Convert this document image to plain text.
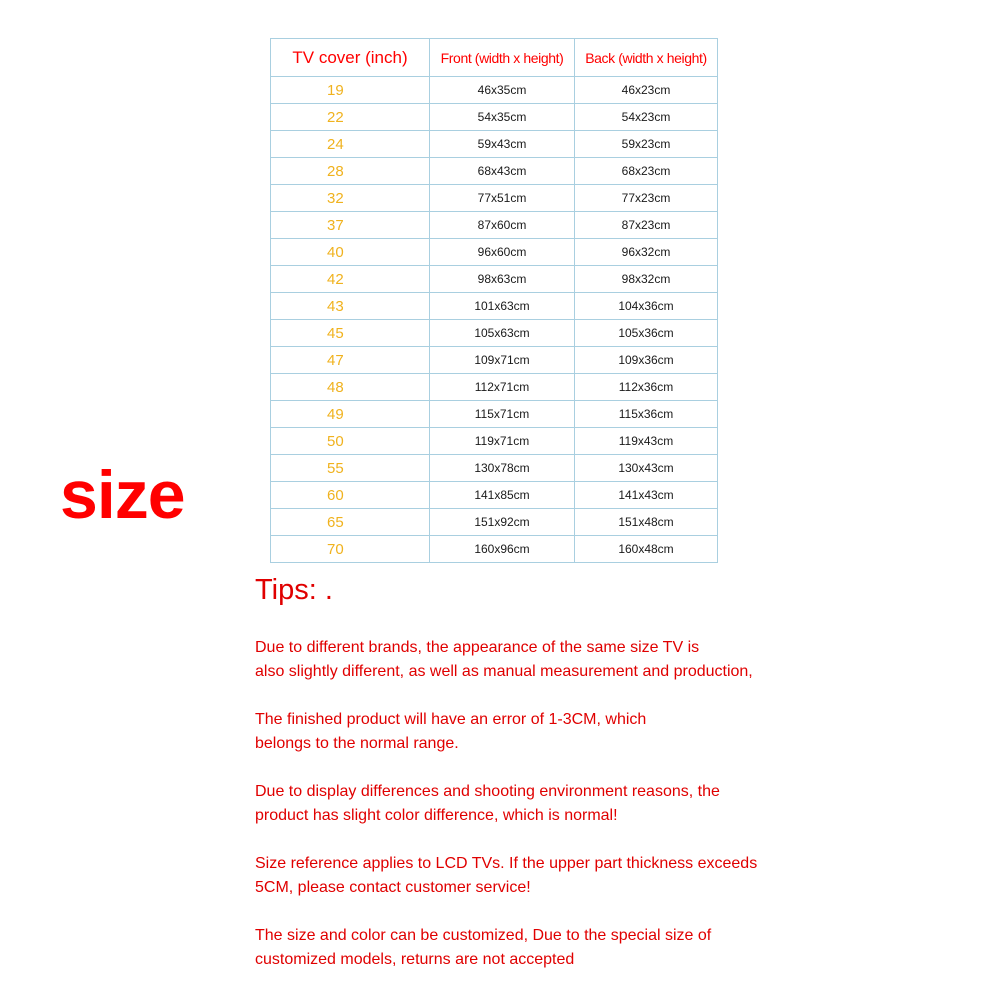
size
TV cover (inch)	Front (width x height)	Back (width x height)
19	46x35cm	46x23cm
22	54x35cm	54x23cm
24	59x43cm	59x23cm
28	68x43cm	68x23cm
32	77x51cm	77x23cm
37	87x60cm	87x23cm
40	96x60cm	96x32cm
42	98x63cm	98x32cm
43	101x63cm	104x36cm
45	105x63cm	105x36cm
47	109x71cm	109x36cm
48	112x71cm	112x36cm
49	115x71cm	115x36cm
50	119x71cm	119x43cm
55	130x78cm	130x43cm
60	141x85cm	141x43cm
65	151x92cm	151x48cm
70	160x96cm	160x48cm
Tips: .
Due to different brands, the appearance of the same size TV is
also slightly different, as well as manual measurement and production,
The finished product will have an error of 1-3CM, which
belongs to the normal range.
Due to display differences and shooting environment reasons, the
product has slight color difference, which is normal!
Size reference applies to LCD TVs. If the upper part thickness exceeds
5CM, please contact customer service!
The size and color can be customized, Due to the special size of
customized models, returns are not accepted
